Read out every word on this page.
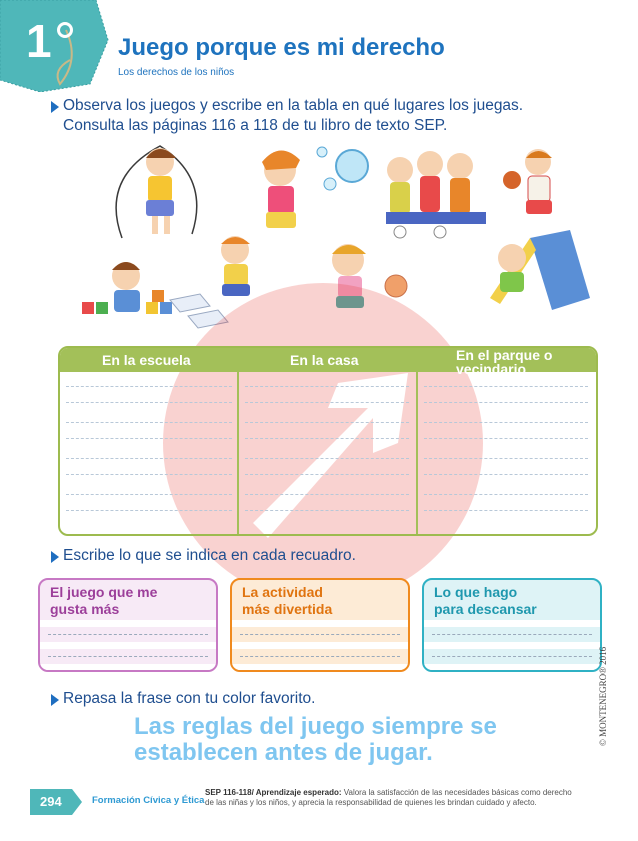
1	Juego porque es mi derecho
Los derechos de los niños
Observa los juegos y escribe en la tabla en qué lugares los juegas.
Consulta las páginas 116 a 118 de tu libro de texto SEP.
En la escuela	En la casa	En el parque o vecindario
Escribe lo que se indica en cada recuadro.
El juego que me
gusta más
La actividad
más divertida
Lo que hago
para descansar
Repasa la frase con tu color favorito.
Las reglas del juego siempre se
establecen antes de jugar.
© MONTENEGRO® 2016
294	Formación Cívica y Ética
SEP 116-118/ Aprendizaje esperado: Valora la satisfacción de las necesidades básicas como derecho de las niñas y los niños, y aprecia la responsabilidad de quienes les brindan cuidado y afecto.
